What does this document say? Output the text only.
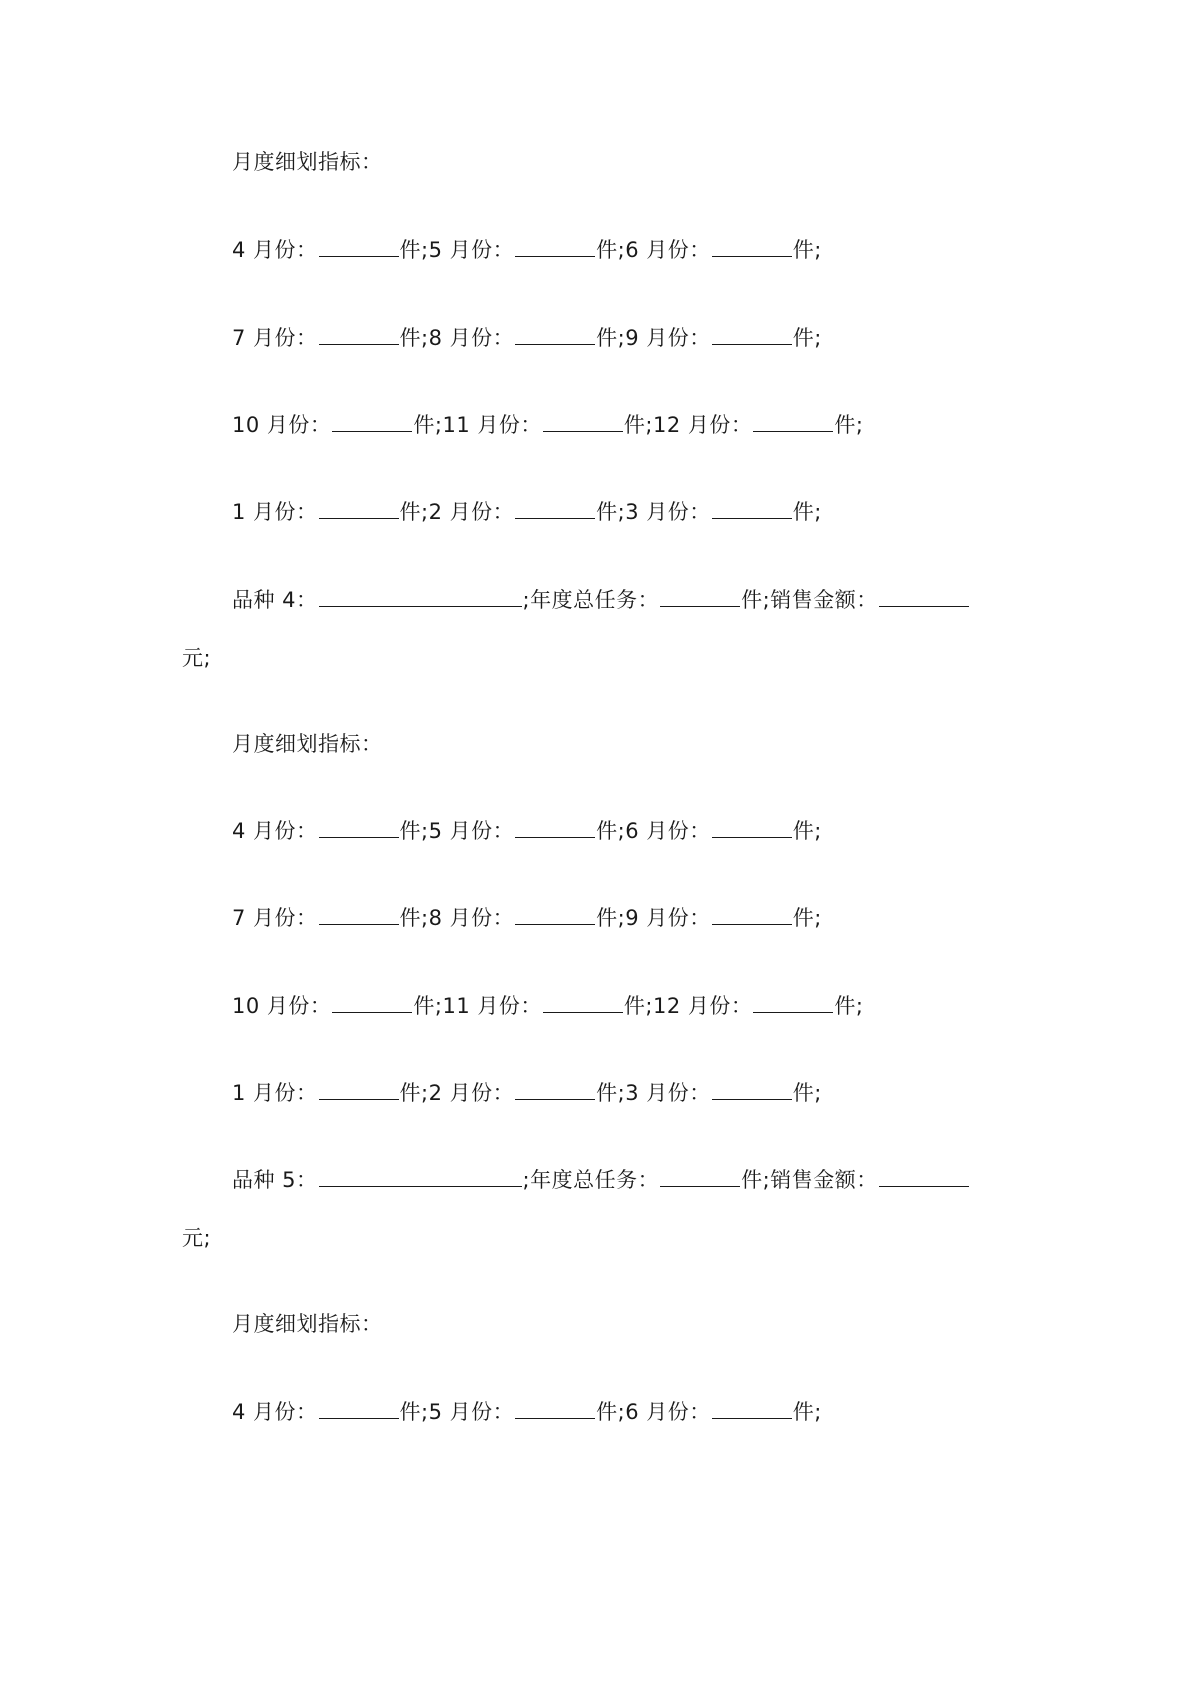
月度细划指标：
4 月份：	件;5 月份：	件;6 月份：	件;
7 月份：	件;8 月份：	件;9 月份：	件;
10 月份：	件;11 月份：	件;12 月份：	件;
1 月份：	件;2 月份：	件;3 月份：	件;
品种 4：	;年度总任务：	件;销售金额：
元;
月度细划指标：
4 月份：	件;5 月份：	件;6 月份：	件;
7 月份：	件;8 月份：	件;9 月份：	件;
10 月份：	件;11 月份：	件;12 月份：	件;
1 月份：	件;2 月份：	件;3 月份：	件;
品种 5：	;年度总任务：	件;销售金额：
元;
月度细划指标：
4 月份：	件;5 月份：	件;6 月份：	件;
